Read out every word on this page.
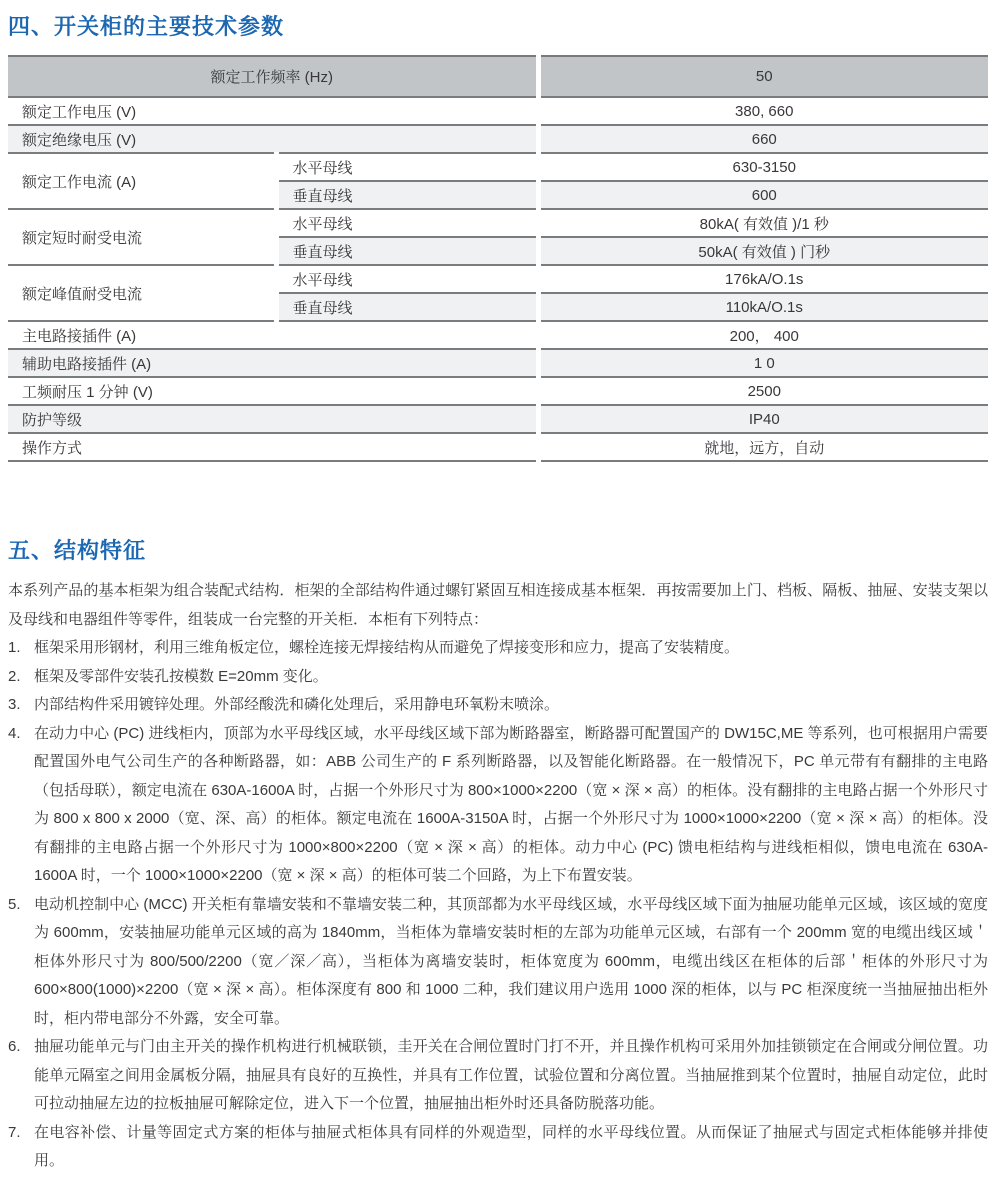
四、开关柜的主要技术参数
额定工作频率 (Hz)		50
额定工作电压 (V)		380, 660
额定绝缘电压 (V)		660
额定工作电流 (A)	水平母线	630-3150
	垂直母线	600
额定短时耐受电流	水平母线	80kA( 有效值 )/1 秒
	垂直母线	50kA( 有效值 ) 门秒
额定峰值耐受电流	水平母线	176kA/O.1s
	垂直母线	110kA/O.1s
主电路接插件 (A)		200， 400
辅助电路接插件 (A)		1 0
工频耐压 1 分钟 (V)		2500
防护等级		IP40
操作方式		就地，远方，自动
五、结构特征

本系列产品的基本柜架为组合装配式结构．柜架的全部结构件通过螺钉紧固互相连接成基本框架．再按需要加上门、档板、隔板、抽屉、安装支架以及母线和电器组件等零件，组装成一台完整的开关柜．本柜有下列特点：

1. 框架采用形钢材，利用三维角板定位，螺栓连接无焊接结构从而避免了焊接变形和应力，提高了安装精度。
2. 框架及零部件安装孔按模数 E=20mm 变化。
3. 内部结构件采用镀锌处理。外部经酸洗和磷化处理后，采用静电环氧粉末喷涂。
4. 在动力中心 (PC) 进线柜内，顶部为水平母线区域，水平母线区域下部为断路器室，断路器可配置国产的 DW15C,ME 等系列，也可根据用户需要配置国外电气公司生产的各种断路器，如：ABB 公司生产的 F 系列断路器，以及智能化断路器。在一般情况下，PC 单元带有有翻排的主电路（包括母联），额定电流在 630A-1600A 时，占据一个外形尺寸为 800×1000×2200（宽 × 深 × 高）的柜体。没有翻排的主电路占据一个外形尺寸为 800 x 800 x 2000（宽、深、高）的柜体。额定电流在 1600A-3150A 时，占据一个外形尺寸为 1000×1000×2200（宽 × 深 × 高）的柜体。没有翻排的主电路占据一个外形尺寸为 1000×800×2200（宽 × 深 × 高）的柜体。动力中心 (PC) 馈电柜结构与进线柜相似，馈电电流在 630A-1600A 时，一个 1000×1000×2200（宽 × 深 × 高）的柜体可装二个回路，为上下布置安装。
5. 电动机控制中心 (MCC) 开关柜有靠墙安装和不靠墙安装二种，其顶部都为水平母线区域，水平母线区域下面为抽屉功能单元区域，该区域的宽度为 600mm，安装抽屉功能单元区域的高为 1840mm，当柜体为靠墙安装时柜的左部为功能单元区域，右部有一个 200mm 宽的电缆出线区域＇柜体外形尺寸为 800/500/2200（宽／深／高），当柜体为离墙安装时，柜体宽度为 600mm，电缆出线区在柜体的后部＇柜体的外形尺寸为 600×800(1000)×2200（宽 × 深 × 高）。柜体深度有 800 和 1000 二种，我们建议用户选用 1000 深的柜体，以与 PC 柜深度统一当抽屉抽出柜外时，柜内带电部分不外露，安全可靠。
6. 抽屉功能单元与门由主开关的操作机构进行机械联锁，圭开关在合闸位置时门打不开，并且操作机构可采用外加挂锁锁定在合闸或分闸位置。功能单元隔室之间用金属板分隔，抽屉具有良好的互换性，并具有工作位置，试验位置和分离位置。当抽屉推到某个位置时，抽屉自动定位，此时可拉动抽屉左边的拉板抽屉可解除定位，进入下一个位置，抽屉抽出柜外时还具备防脱落功能。
7. 在电容补偿、计量等固定式方案的柜体与抽屉式柜体具有同样的外观造型，同样的水平母线位置。从而保证了抽屉式与固定式柜体能够并排使用。
